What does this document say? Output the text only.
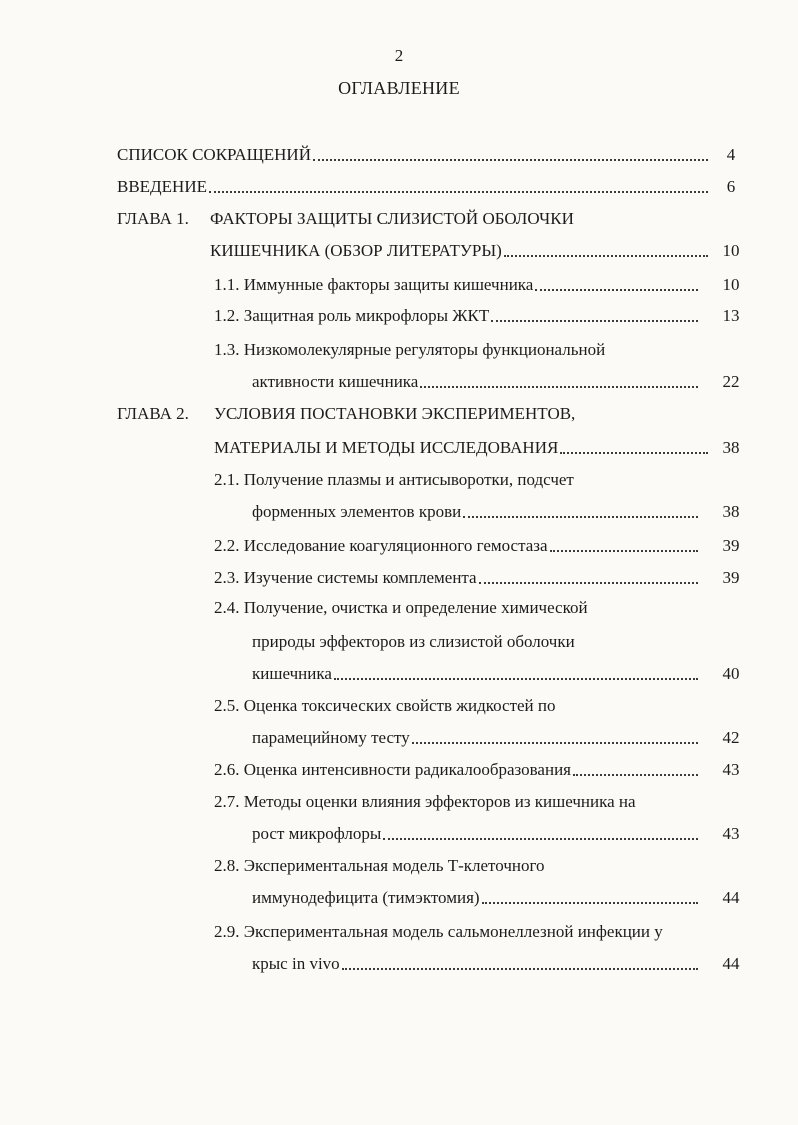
2
ОГЛАВЛЕНИЕ
СПИСОК СОКРАЩЕНИЙ	4
ВВЕДЕНИЕ	6
ГЛАВА 1. ФАКТОРЫ ЗАЩИТЫ СЛИЗИСТОЙ ОБОЛОЧКИ
КИШЕЧНИКА (ОБЗОР ЛИТЕРАТУРЫ)	10
1.1. Иммунные факторы защиты кишечника	10
1.2. Защитная роль микрофлоры ЖКТ	13
1.3. Низкомолекулярные регуляторы функциональной
активности кишечника	22
ГЛАВА 2. УСЛОВИЯ ПОСТАНОВКИ ЭКСПЕРИМЕНТОВ,
МАТЕРИАЛЫ И МЕТОДЫ ИССЛЕДОВАНИЯ	38
2.1. Получение плазмы и антисыворотки, подсчет
форменных элементов крови	38
2.2. Исследование коагуляционного гемостаза	39
2.3. Изучение системы комплемента	39
2.4. Получение, очистка и определение химической
природы эффекторов из слизистой оболочки
кишечника	40
2.5. Оценка токсических свойств жидкостей по
парамецийному тесту	42
2.6. Оценка интенсивности радикалообразования	43
2.7. Методы оценки влияния эффекторов из кишечника на
рост микрофлоры	43
2.8. Экспериментальная модель Т-клеточного
иммунодефицита (тимэктомия)	44
2.9. Экспериментальная модель сальмонеллезной инфекции у
крыс in vivo	44
